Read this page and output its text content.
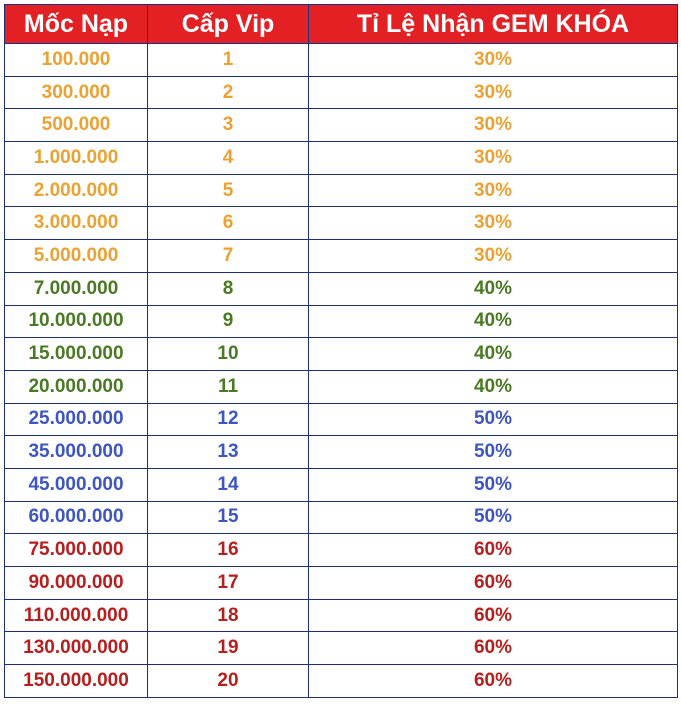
Mốc Nạp	Cấp Vip	Tỉ Lệ Nhận GEM KHÓA
100.000	1	30%
300.000	2	30%
500.000	3	30%
1.000.000	4	30%
2.000.000	5	30%
3.000.000	6	30%
5.000.000	7	30%
7.000.000	8	40%
10.000.000	9	40%
15.000.000	10	40%
20.000.000	11	40%
25.000.000	12	50%
35.000.000	13	50%
45.000.000	14	50%
60.000.000	15	50%
75.000.000	16	60%
90.000.000	17	60%
110.000.000	18	60%
130.000.000	19	60%
150.000.000	20	60%
